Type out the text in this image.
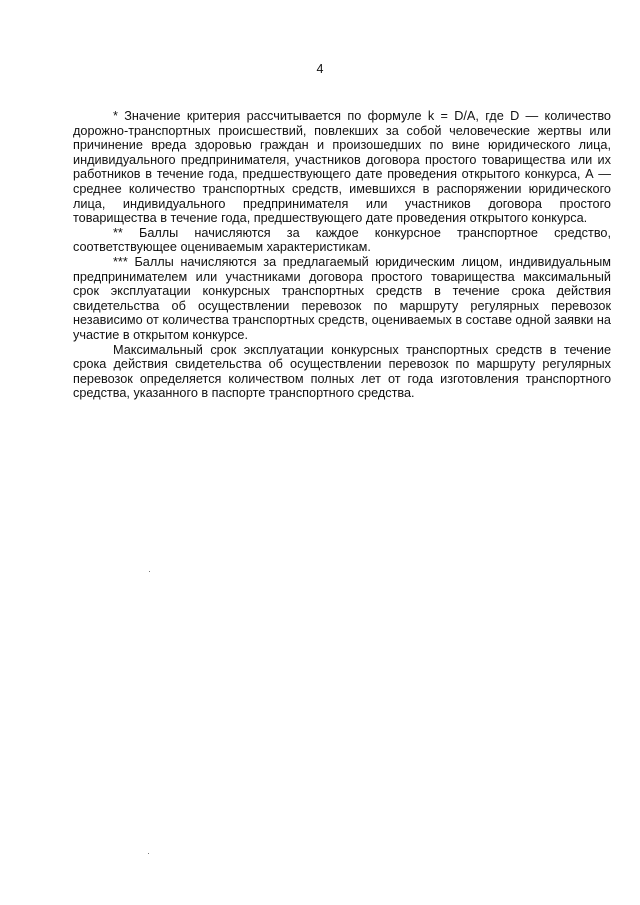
4

* Значение критерия рассчитывается по формуле k = D/A, где D — количество дорожно-транспортных происшествий, повлекших за собой человеческие жертвы или причинение вреда здоровью граждан и произошедших по вине юридического лица, индивидуального предпринимателя, участников договора простого товарищества или их работников в течение года, предшествующего дате проведения открытого конкурса, А — среднее количество транспортных средств, имевшихся в распоряжении юридического лица, индивидуального предпринимателя или участников договора простого товарищества в течение года, предшествующего дате проведения открытого конкурса.

** Баллы начисляются за каждое конкурсное транспортное средство, соответствующее оцениваемым характеристикам.

*** Баллы начисляются за предлагаемый юридическим лицом, индивидуальным предпринимателем или участниками договора простого товарищества максимальный срок эксплуатации конкурсных транспортных средств в течение срока действия свидетельства об осуществлении перевозок по маршруту регулярных перевозок независимо от количества транспортных средств, оцениваемых в составе одной заявки на участие в открытом конкурсе.

Максимальный срок эксплуатации конкурсных транспортных средств в течение срока действия свидетельства об осуществлении перевозок по маршруту регулярных перевозок определяется количеством полных лет от года изготовления транспортного средства, указанного в паспорте транспортного средства.
